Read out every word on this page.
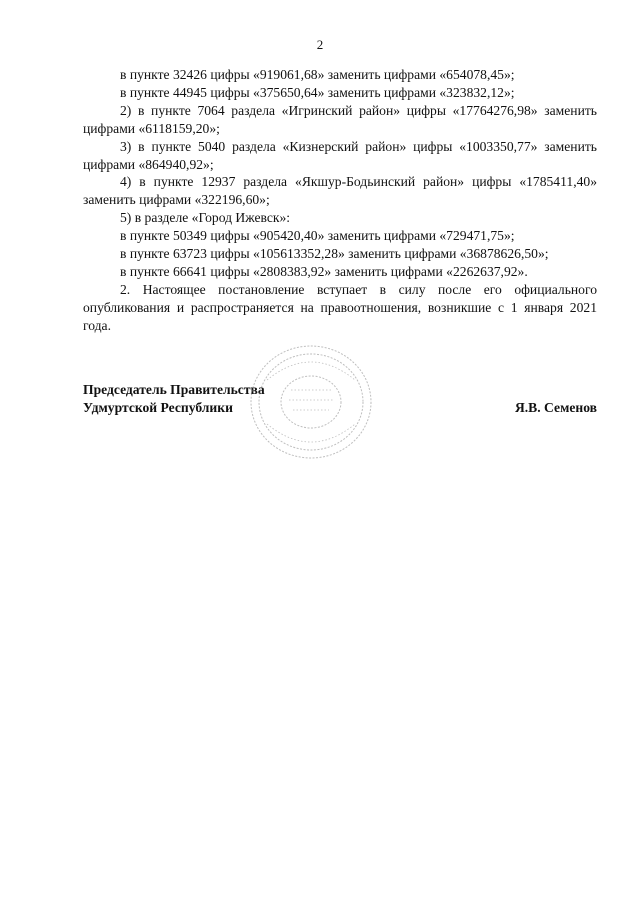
2

в пункте 32426 цифры «919061,68» заменить цифрами «654078,45»;

в пункте 44945 цифры «375650,64» заменить цифрами «323832,12»;

2) в пункте 7064 раздела «Игринский район» цифры «17764276,98» заменить цифрами «6118159,20»;

3) в пункте 5040 раздела «Кизнерский район» цифры «1003350,77» заменить цифрами «864940,92»;

4) в пункте 12937 раздела «Якшур-Бодьинский район» цифры «1785411,40» заменить цифрами «322196,60»;

5) в разделе «Город Ижевск»:

в пункте 50349 цифры «905420,40» заменить цифрами «729471,75»;

в пункте 63723 цифры «105613352,28» заменить цифрами «36878626,50»;

в пункте 66641 цифры «2808383,92» заменить цифрами «2262637,92».

2. Настоящее постановление вступает в силу после его официального опубликования и распространяется на правоотношения, возникшие с 1 января 2021 года.

Председатель Правительства
Удмуртской Республики	Я.В. Семенов
